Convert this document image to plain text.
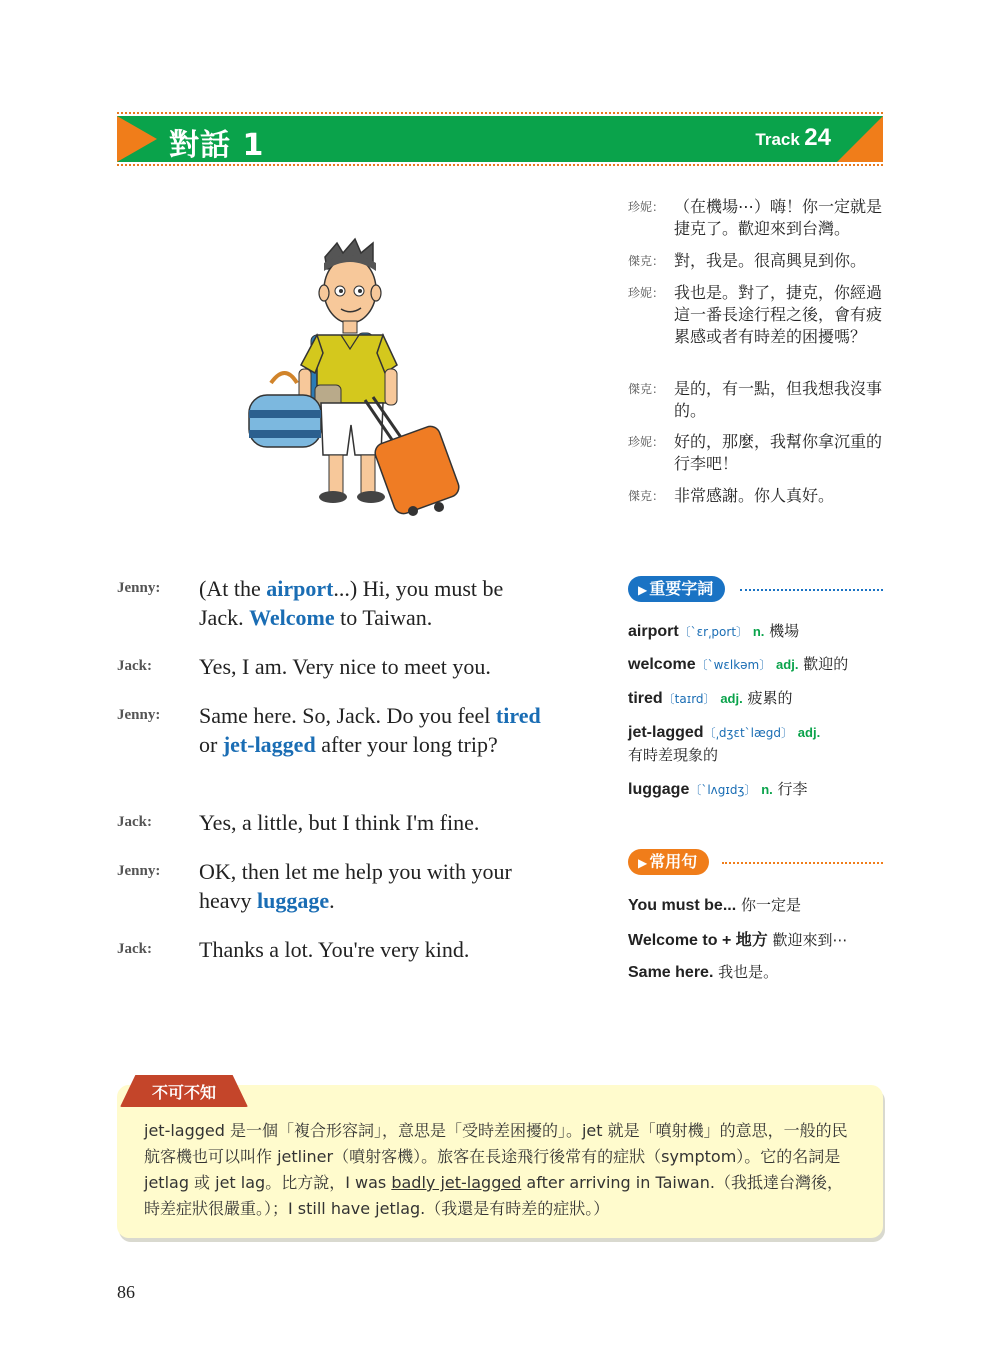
對話 1	Track 24
珍妮： （在機場⋯）嗨！你一定就是捷克了。歡迎來到台灣。
傑克： 對，我是。很高興見到你。
珍妮： 我也是。對了，捷克，你經過這一番長途行程之後，會有疲累感或者有時差的困擾嗎？
傑克： 是的，有一點，但我想我沒事的。
珍妮： 好的，那麼，我幫你拿沉重的行李吧！
傑克： 非常感謝。你人真好。
Jenny: (At the airport...) Hi, you must be Jack. Welcome to Taiwan.
Jack: Yes, I am. Very nice to meet you.
Jenny: Same here. So, Jack. Do you feel tired or jet-lagged after your long trip?
Jack: Yes, a little, but I think I'm fine.
Jenny: OK, then let me help you with your heavy luggage.
Jack: Thanks a lot. You're very kind.
▶ 重要字詞
airport〔ˋɛr͵port〕 n. 機場
welcome〔ˋwɛlkəm〕 adj. 歡迎的
tired〔taɪrd〕 adj. 疲累的
jet-lagged〔͵dʒɛtˋlægd〕 adj.
有時差現象的
luggage〔ˋlʌgɪdʒ〕 n. 行李
▶ 常用句
You must be... 你一定是
Welcome to + 地方 歡迎來到⋯
Same here. 我也是。
jet-lagged 是一個「複合形容詞」，意思是「受時差困擾的」。jet 就是「噴射機」的意思，一般的民
航客機也可以叫作 jetliner（噴射客機）。旅客在長途飛行後常有的症狀（symptom）。它的名詞是
jetlag 或 jet lag。比方說，I was badly jet-lagged after arriving in Taiwan.（我抵達台灣後，
時差症狀很嚴重。）；I still have jetlag.（我還是有時差的症狀。）
不可不知
86
